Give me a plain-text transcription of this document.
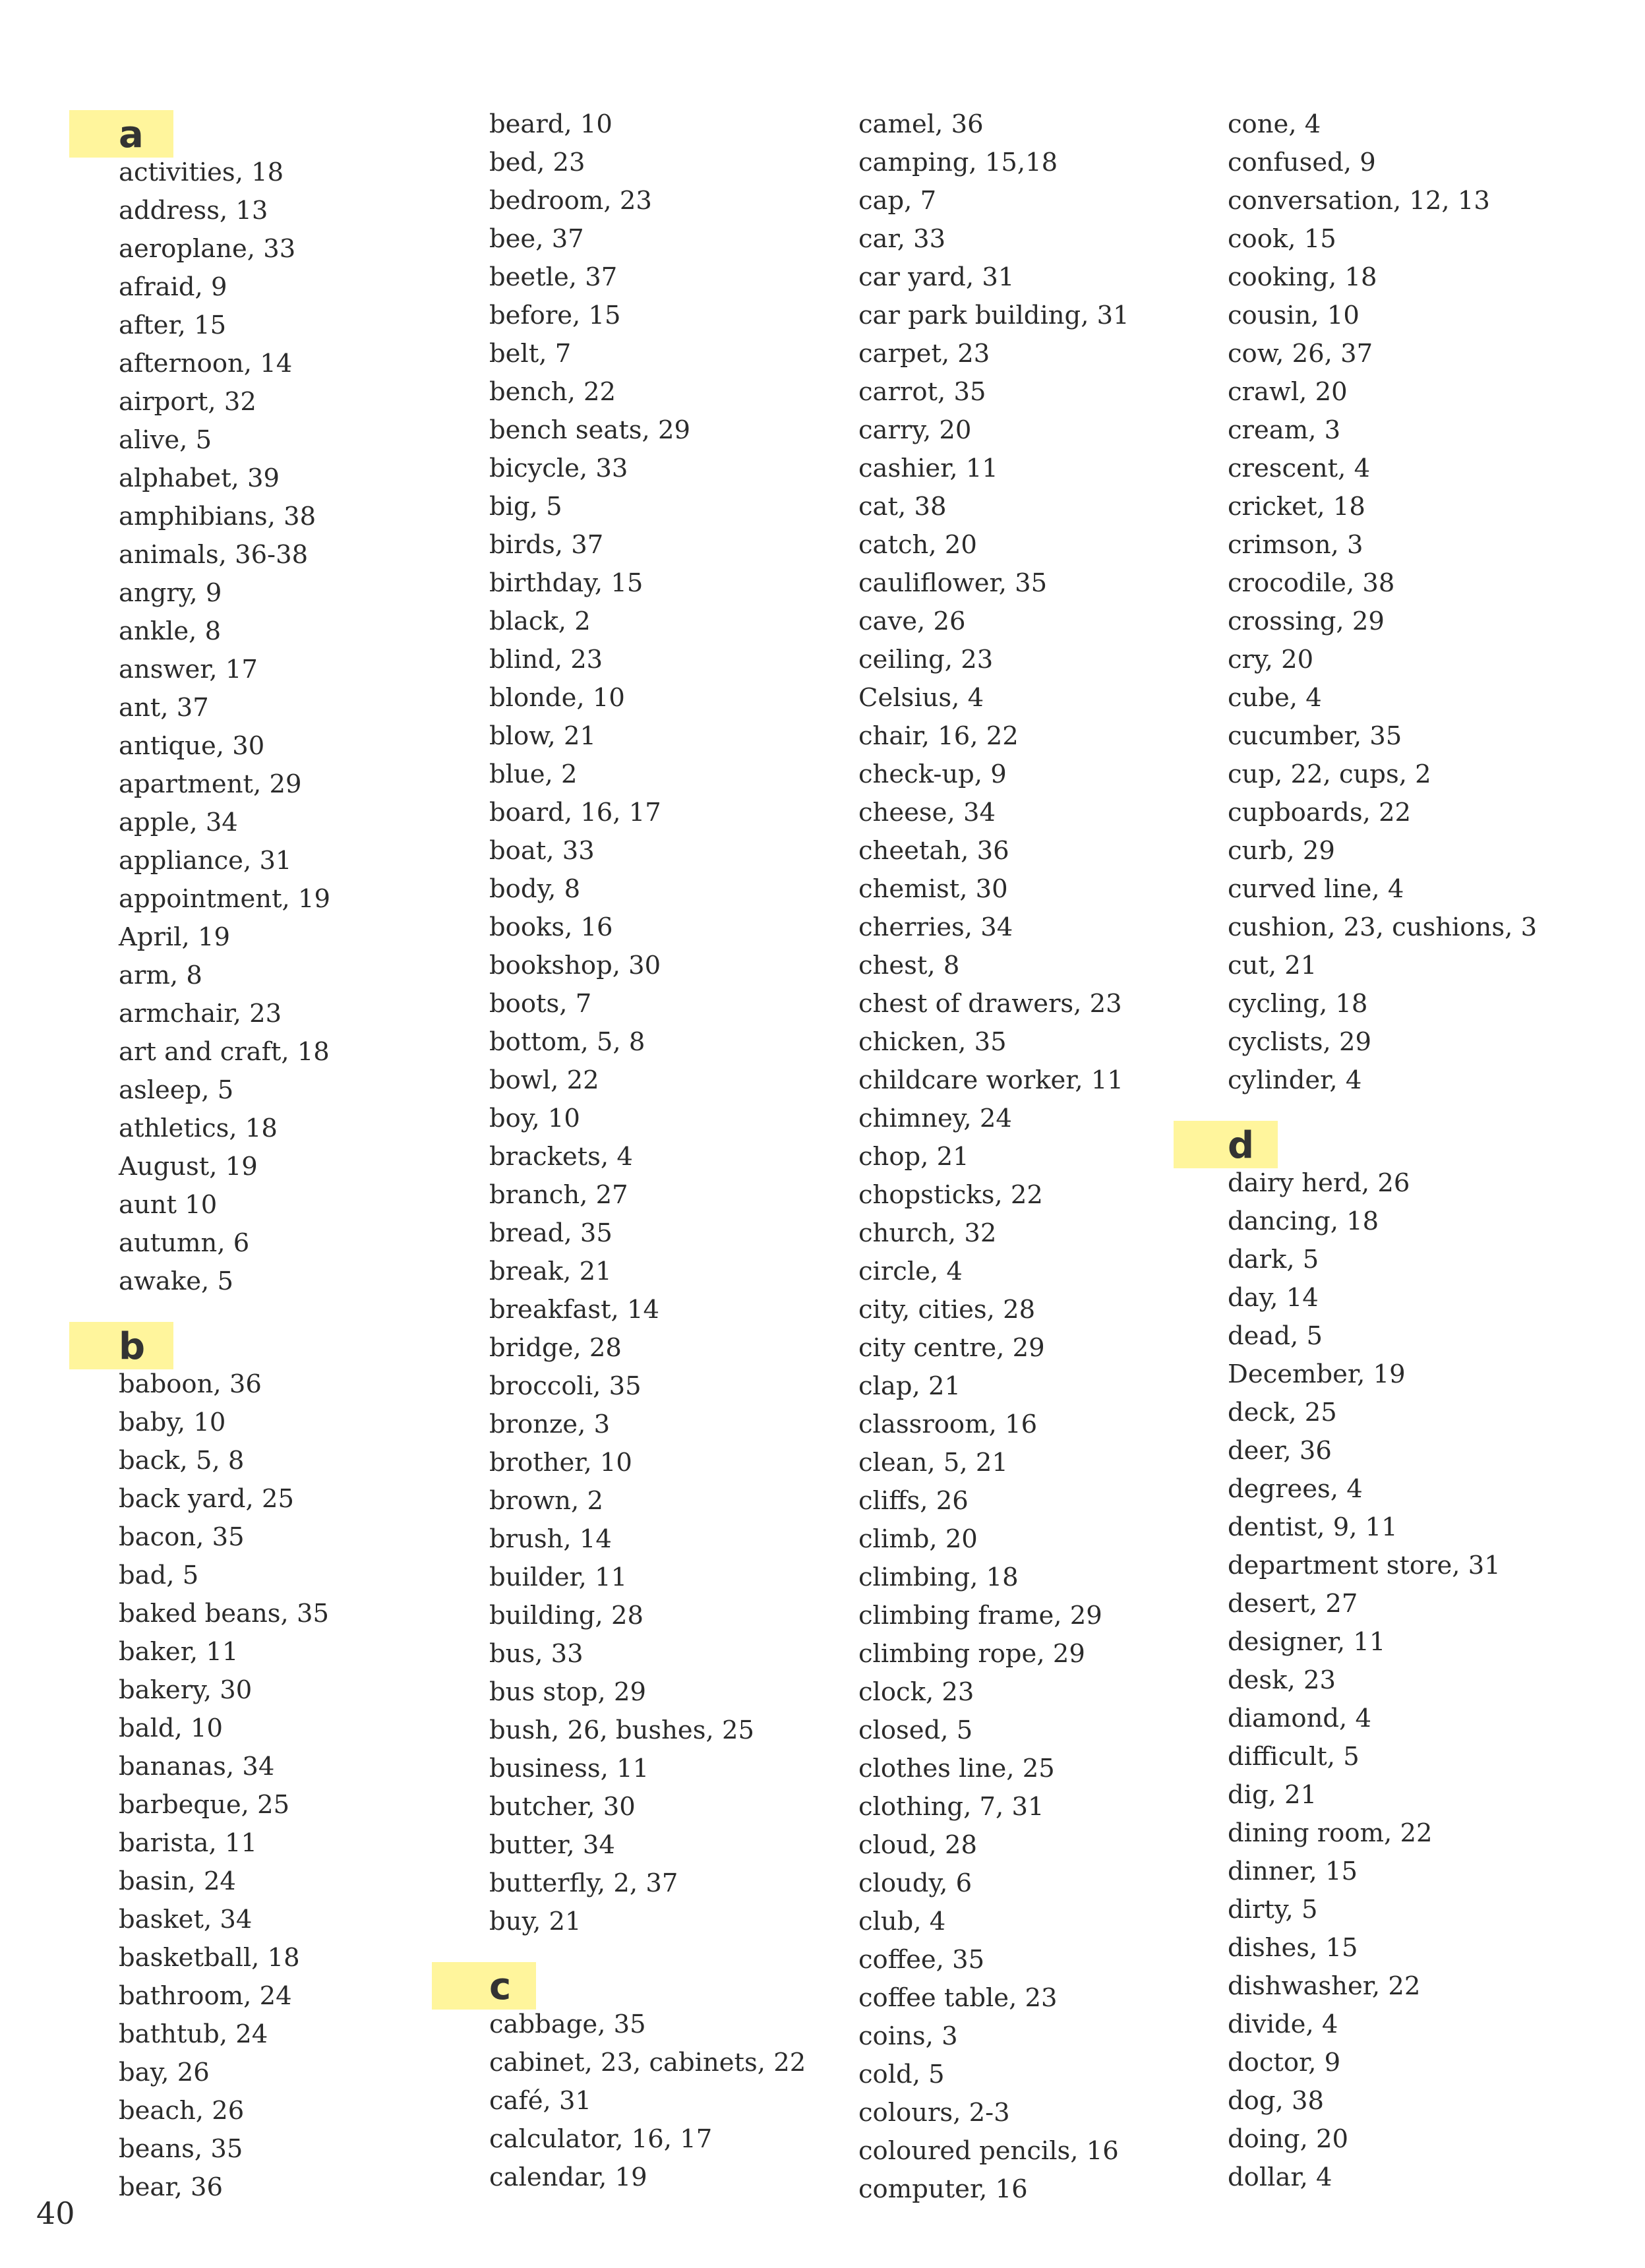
a
activities, 18
address, 13
aeroplane, 33
afraid, 9
after, 15
afternoon, 14
airport, 32
alive, 5
alphabet, 39
amphibians, 38
animals, 36-38
angry, 9
ankle, 8
answer, 17
ant, 37
antique, 30
apartment, 29
apple, 34
appliance, 31
appointment, 19
April, 19
arm, 8
armchair, 23
art and craft, 18
asleep, 5
athletics, 18
August, 19
aunt 10
autumn, 6
awake, 5
b
baboon, 36
baby, 10
back, 5, 8
back yard, 25
bacon, 35
bad, 5
baked beans, 35
baker, 11
bakery, 30
bald, 10
bananas, 34
barbeque, 25
barista, 11
basin, 24
basket, 34
basketball, 18
bathroom, 24
bathtub, 24
bay, 26
beach, 26
beans, 35
bear, 36
beard, 10
bed, 23
bedroom, 23
bee, 37
beetle, 37
before, 15
belt, 7
bench, 22
bench seats, 29
bicycle, 33
big, 5
birds, 37
birthday, 15
black, 2
blind, 23
blonde, 10
blow, 21
blue, 2
board, 16, 17
boat, 33
body, 8
books, 16
bookshop, 30
boots, 7
bottom, 5, 8
bowl, 22
boy, 10
brackets, 4
branch, 27
bread, 35
break, 21
breakfast, 14
bridge, 28
broccoli, 35
bronze, 3
brother, 10
brown, 2
brush, 14
builder, 11
building, 28
bus, 33
bus stop, 29
bush, 26, bushes, 25
business, 11
butcher, 30
butter, 34
butterfly, 2, 37
buy, 21
c
cabbage, 35
cabinet, 23, cabinets, 22
café, 31
calculator, 16, 17
calendar, 19
camel, 36
camping, 15,18
cap, 7
car, 33
car yard, 31
car park building, 31
carpet, 23
carrot, 35
carry, 20
cashier, 11
cat, 38
catch, 20
cauliflower, 35
cave, 26
ceiling, 23
Celsius, 4
chair, 16, 22
check-up, 9
cheese, 34
cheetah, 36
chemist, 30
cherries, 34
chest, 8
chest of drawers, 23
chicken, 35
childcare worker, 11
chimney, 24
chop, 21
chopsticks, 22
church, 32
circle, 4
city, cities, 28
city centre, 29
clap, 21
classroom, 16
clean, 5, 21
cliffs, 26
climb, 20
climbing, 18
climbing frame, 29
climbing rope, 29
clock, 23
closed, 5
clothes line, 25
clothing, 7, 31
cloud, 28
cloudy, 6
club, 4
coffee, 35
coffee table, 23
coins, 3
cold, 5
colours, 2-3
coloured pencils, 16
computer, 16
cone, 4
confused, 9
conversation, 12, 13
cook, 15
cooking, 18
cousin, 10
cow, 26, 37
crawl, 20
cream, 3
crescent, 4
cricket, 18
crimson, 3
crocodile, 38
crossing, 29
cry, 20
cube, 4
cucumber, 35
cup, 22, cups, 2
cupboards, 22
curb, 29
curved line, 4
cushion, 23, cushions, 3
cut, 21
cycling, 18
cyclists, 29
cylinder, 4
d
dairy herd, 26
dancing, 18
dark, 5
day, 14
dead, 5
December, 19
deck, 25
deer, 36
degrees, 4
dentist, 9, 11
department store, 31
desert, 27
designer, 11
desk, 23
diamond, 4
difficult, 5
dig, 21
dining room, 22
dinner, 15
dirty, 5
dishes, 15
dishwasher, 22
divide, 4
doctor, 9
dog, 38
doing, 20
dollar, 4
40
